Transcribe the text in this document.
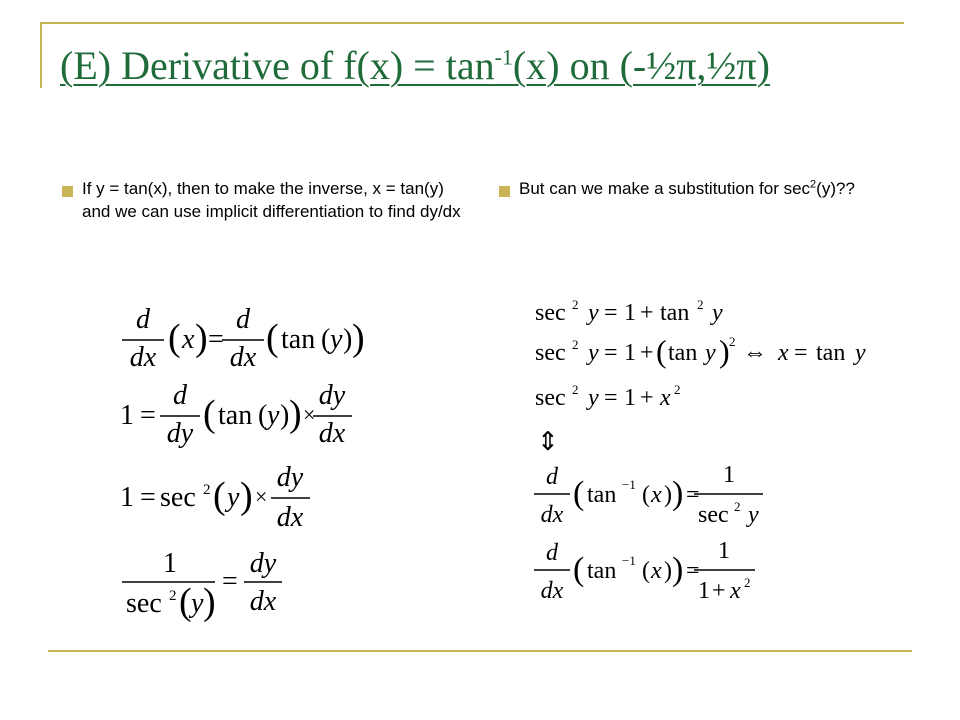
(E) Derivative of $f(x) = \tan^{-1}(x)$ on (-½π,½π)
If y = tan(x), then to make the inverse, x = tan(y) and we can use implicit differentiation to find dy/dx
But can we make a substitution for $\sec^2(y)$??
d
dx ( x ) =
d
dx ( tan ( y ) )
1 =
d
dy ( tan ( y ) ) ×
dy
dx
1 = sec 2 ( y ) ×
dy
dx
1
sec 2 ( y ) =
dy
dx
sec 2 y = 1 + tan 2 y
sec 2 y = 1 + ( tan y ) 2 ⇔ x = tan y
sec 2 y = 1 + x 2
⇕
d
dx
( tan −1 ( x ) ) =
1
sec 2 y
d
dx
( tan −1 ( x ) ) =
1
1 + x 2
